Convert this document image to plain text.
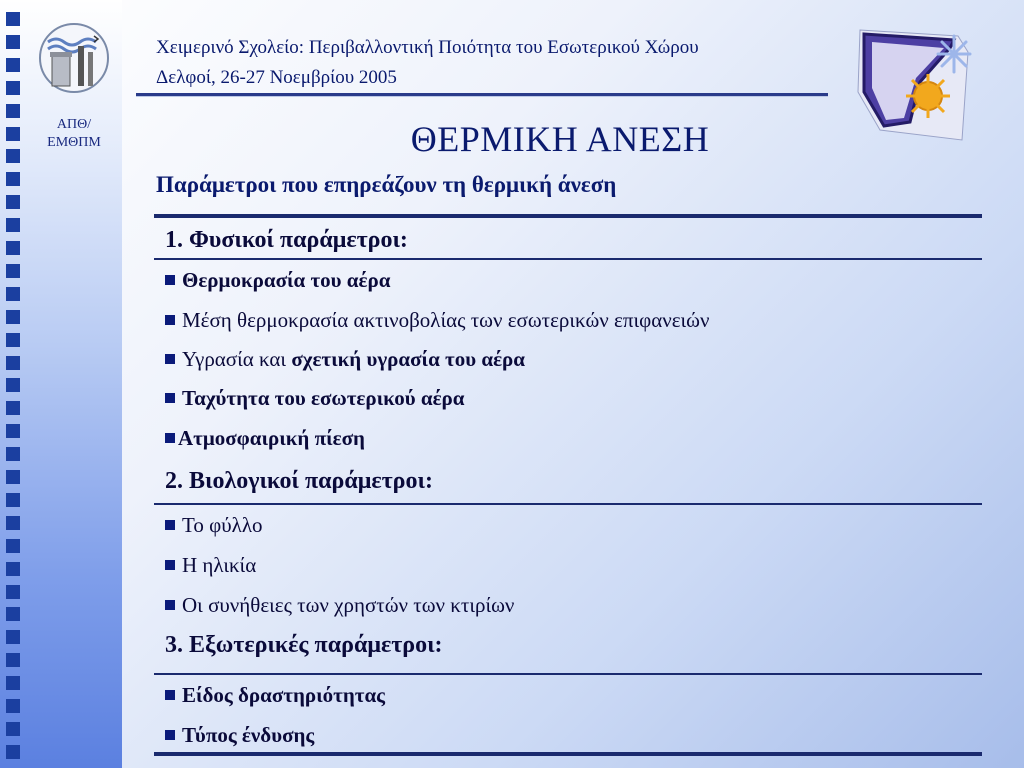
ΑΠΘ/
ΕΜΘΠΜ
Χειμερινό Σχολείο: Περιβαλλοντική Ποιότητα του Εσωτερικού Χώρου
Δελφοί, 26-27 Νοεμβρίου 2005
ΘΕΡΜΙΚΗ ΑΝΕΣΗ
Παράμετροι που επηρεάζουν τη θερμική άνεση
1. Φυσικοί παράμετροι:
Θερμοκρασία του αέρα
Μέση θερμοκρασία ακτινοβολίας των εσωτερικών επιφανειών
Υγρασία και σχετική υγρασία του αέρα
Ταχύτητα του εσωτερικού αέρα
Ατμοσφαιρική πίεση
2. Βιολογικοί παράμετροι:
Το φύλλο
Η ηλικία
Οι συνήθειες των χρηστών των κτιρίων
3. Εξωτερικές παράμετροι:
Είδος δραστηριότητας
Τύπος ένδυσης
